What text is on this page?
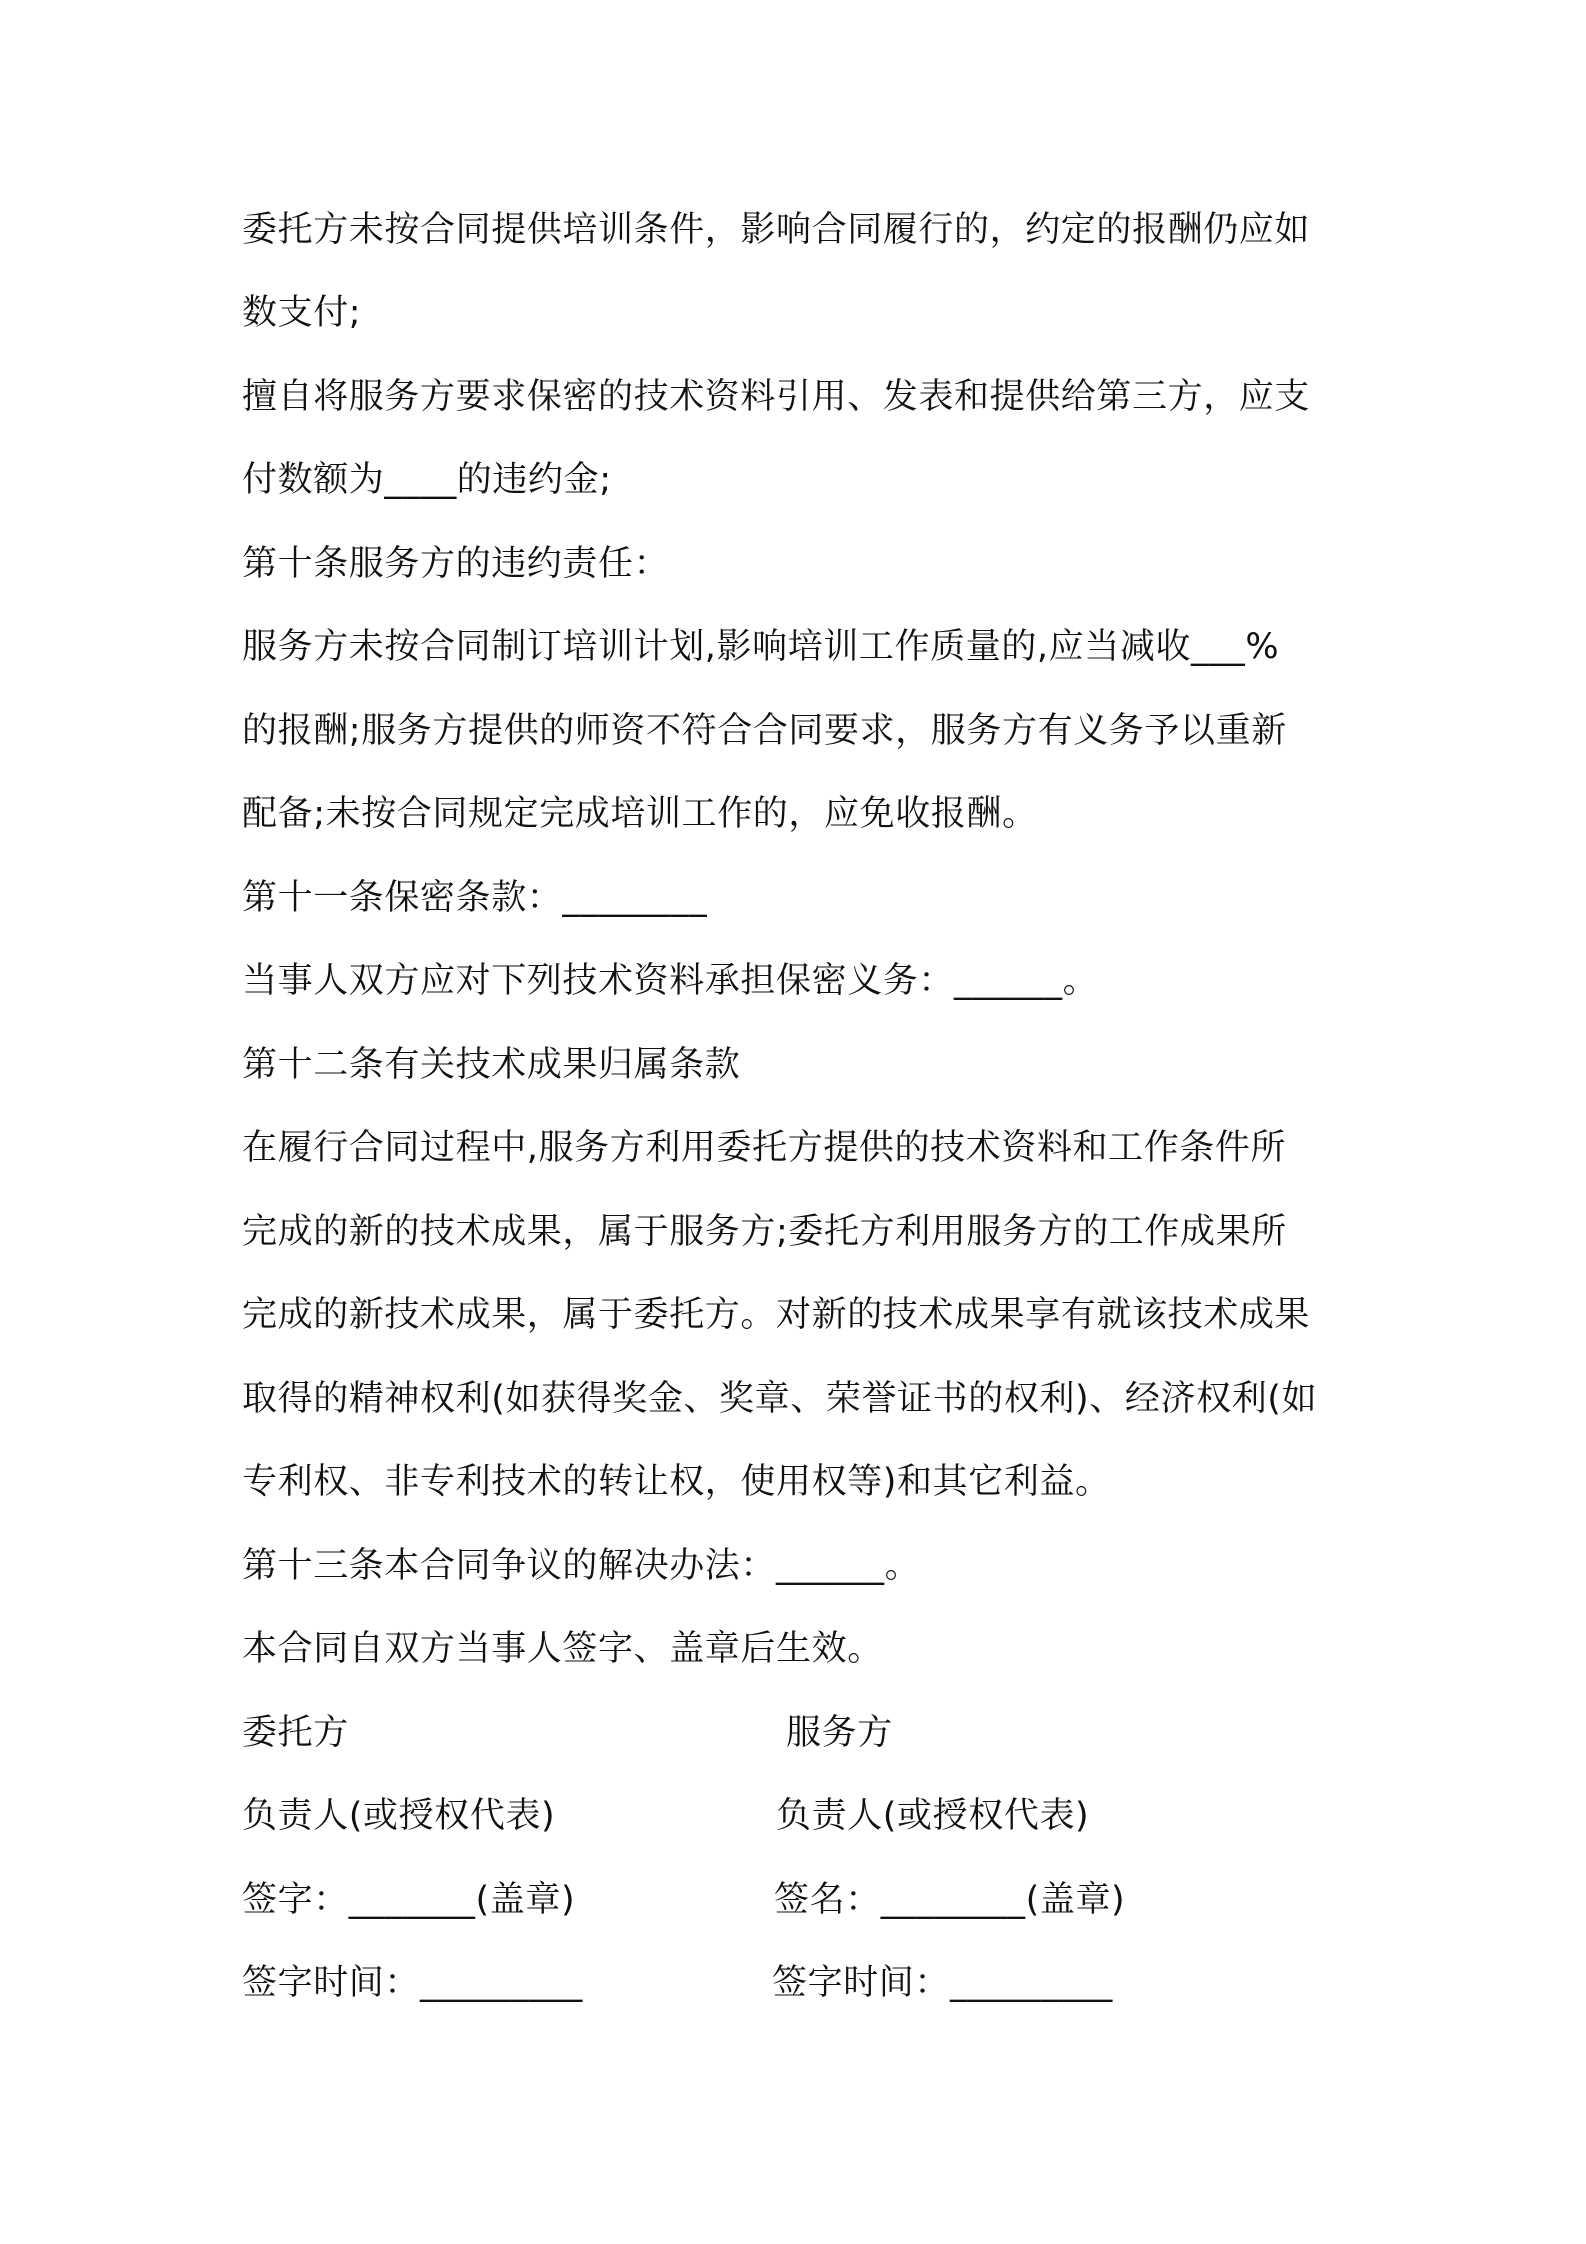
委托方未按合同提供培训条件，影响合同履行的，约定的报酬仍应如
数支付;
擅自将服务方要求保密的技术资料引用、发表和提供给第三方，应支
付数额为____的违约金;
第十条服务方的违约责任：
服务方未按合同制订培训计划,影响培训工作质量的,应当减收___%
的报酬;服务方提供的师资不符合合同要求，服务方有义务予以重新
配备;未按合同规定完成培训工作的，应免收报酬。
第十一条保密条款：________
当事人双方应对下列技术资料承担保密义务：______。
第十二条有关技术成果归属条款
在履行合同过程中,服务方利用委托方提供的技术资料和工作条件所
完成的新的技术成果，属于服务方;委托方利用服务方的工作成果所
完成的新技术成果，属于委托方。对新的技术成果享有就该技术成果
取得的精神权利(如获得奖金、奖章、荣誉证书的权利)、经济权利(如
专利权、非专利技术的转让权，使用权等)和其它利益。
第十三条本合同争议的解决办法：______。
本合同自双方当事人签字、盖章后生效。
委托方
负责人(或授权代表)
签字：_______(盖章)
签字时间：_________
服务方
负责人(或授权代表)
签名：________(盖章)
签字时间：_________
